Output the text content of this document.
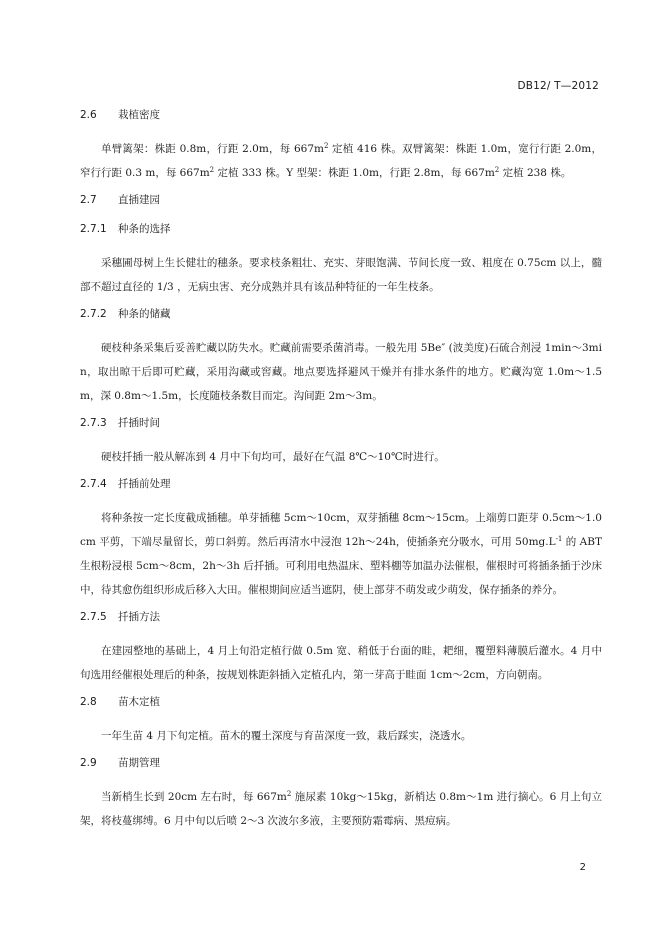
DB12/ T—2012
2.6 栽植密度

单臂篱架：株距 0.8m，行距 2.0m，每 $667m^2$ 定植 416 株。双臂篱架：株距 1.0m，宽行行距 2.0m，窄行行距 0.3 m，每 $667m^2$ 定植 333 株。Y 型架：株距 1.0m，行距 2.8m，每 $667m^2$ 定植 238 株。

2.7 直插建园
2.7.1 种条的选择

采穗圃母树上生长健壮的穗条。要求枝条粗壮、充实、芽眼饱满、节间长度一致、粗度在 0.75cm 以上，髓部不超过直径的 1/3 ，无病虫害、充分成熟并具有该品种特征的一年生枝条。

2.7.2 种条的储藏

硬枝种条采集后妥善贮藏以防失水。贮藏前需要杀菌消毒。一般先用 5Be″ (波美度)石硫合剂浸 1min～3min，取出晾干后即可贮藏，采用沟藏或窖藏。地点要选择避风干燥并有排水条件的地方。贮藏沟宽 1.0m～1.5m，深 0.8m～1.5m，长度随枝条数目而定。沟间距 2m～3m。

2.7.3 扦插时间

硬枝扦插一般从解冻到 4 月中下旬均可，最好在气温 8℃～10℃时进行。

2.7.4 扦插前处理

将种条按一定长度截成插穗。单芽插穗 5cm～10cm，双芽插穗 8cm～15cm。上端剪口距芽 0.5cm～1.0cm 平剪，下端尽量留长，剪口斜剪。然后再清水中浸泡 12h～24h，使插条充分吸水，可用 $50mg.L^{-1}$ 的 ABT 生根粉浸根 5cm～8cm，2h～3h 后扦插。可利用电热温床、塑料棚等加温办法催根，催根时可将插条插于沙床中，待其愈伤组织形成后移入大田。催根期间应适当遮阴，使上部芽不萌发或少萌发，保存插条的养分。

2.7.5 扦插方法

在建园整地的基础上，4 月上旬沿定植行做 0.5m 宽、稍低于台面的畦，耙细，覆塑料薄膜后灌水。4 月中旬选用经催根处理后的种条，按规划株距斜插入定植孔内，第一芽高于畦面 1cm～2cm，方向朝南。

2.8 苗木定植

一年生苗 4 月下旬定植。苗木的覆土深度与育苗深度一致，栽后踩实，浇透水。

2.9 苗期管理

当新梢生长到 20cm 左右时，每 $667m^2$ 施尿素 10kg～15kg，新梢达 0.8m～1m 进行摘心。6 月上旬立架，将枝蔓绑缚。6 月中旬以后喷 2～3 次波尔多液，主要预防霜霉病、黑痘病。

2
